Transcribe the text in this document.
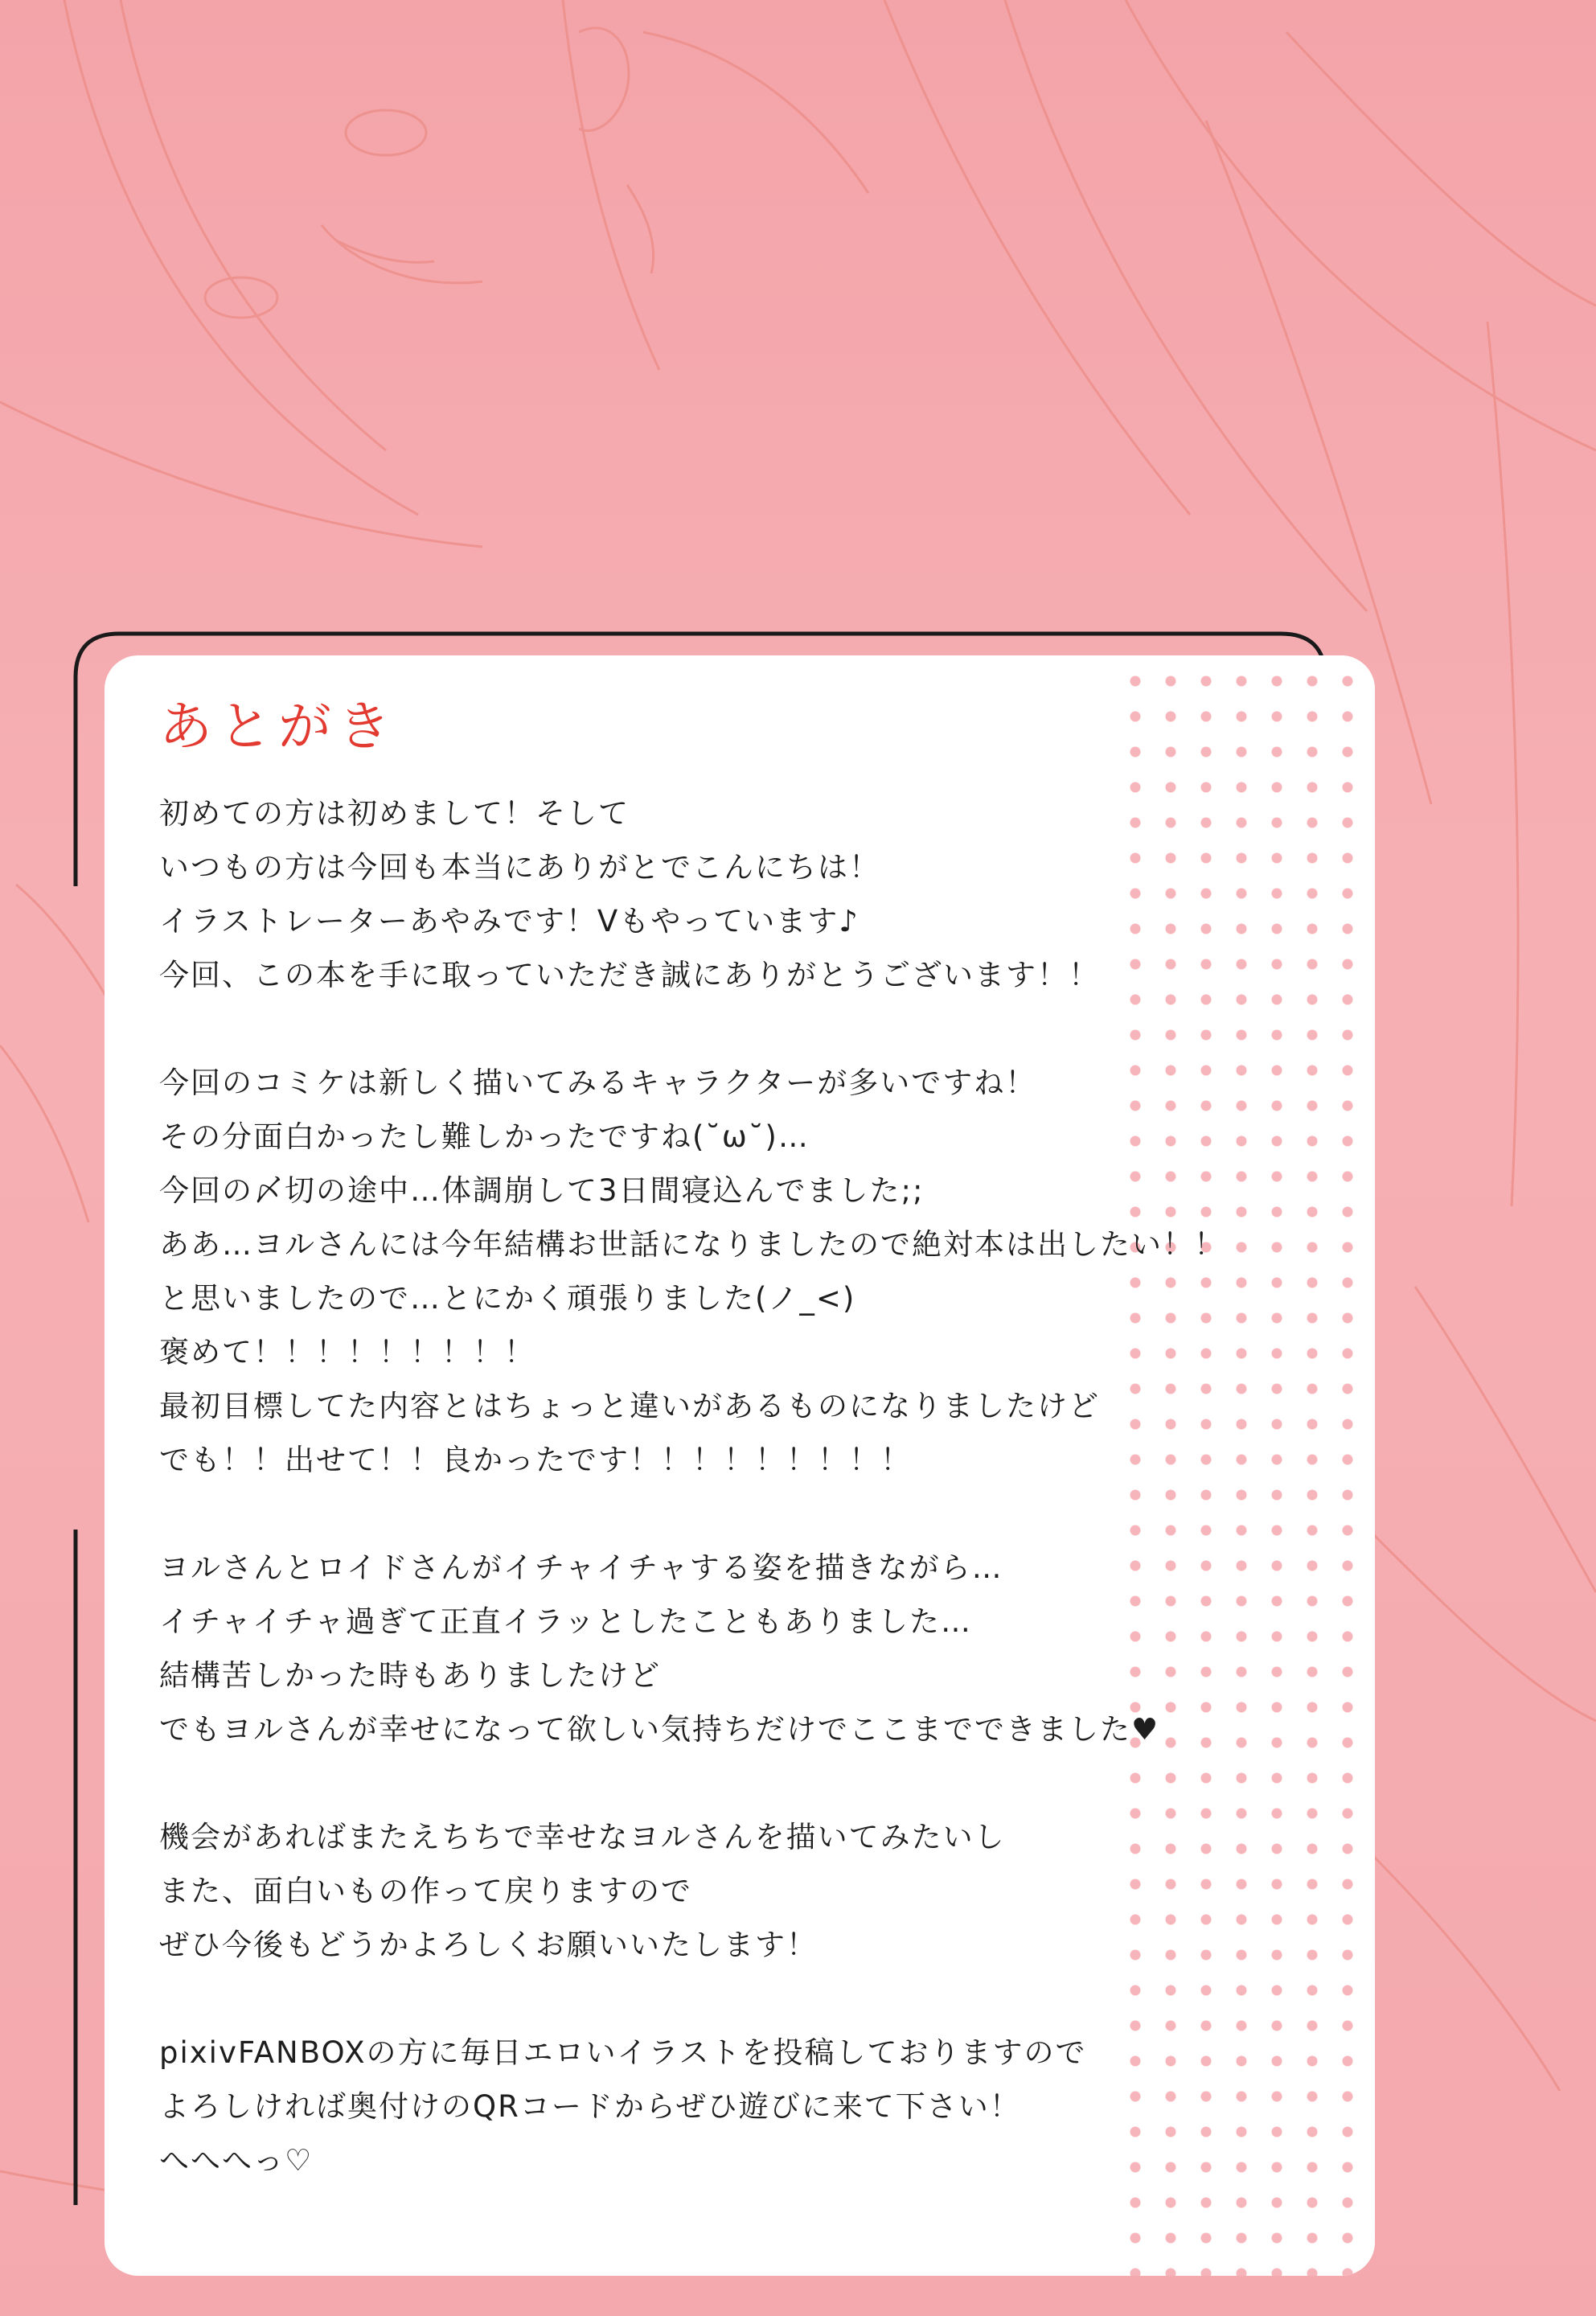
あとがき
初めての方は初めまして！そして
いつもの方は今回も本当にありがとでこんにちは！
イラストレーターあやみです！Vもやっています♪
今回、この本を手に取っていただき誠にありがとうございます！！
今回のコミケは新しく描いてみるキャラクターが多いですね！
その分面白かったし難しかったですね(˘ω˘)…
今回の〆切の途中…体調崩して3日間寝込んでました;;
ああ…ヨルさんには今年結構お世話になりましたので絶対本は出したい！！
と思いましたので…とにかく頑張りました(ノ_<)
褒めて！！！！！！！！！
最初目標してた内容とはちょっと違いがあるものになりましたけど
でも！！出せて！！良かったです！！！！！！！！！
ヨルさんとロイドさんがイチャイチャする姿を描きながら…
イチャイチャ過ぎて正直イラッとしたこともありました…
結構苦しかった時もありましたけど
でもヨルさんが幸せになって欲しい気持ちだけでここまでできました♥
機会があればまたえちちで幸せなヨルさんを描いてみたいし
また、面白いもの作って戻りますので
ぜひ今後もどうかよろしくお願いいたします！
pixivFANBOXの方に毎日エロいイラストを投稿しておりますので
よろしければ奥付けのQRコードからぜひ遊びに来て下さい！
へへへっ♡
